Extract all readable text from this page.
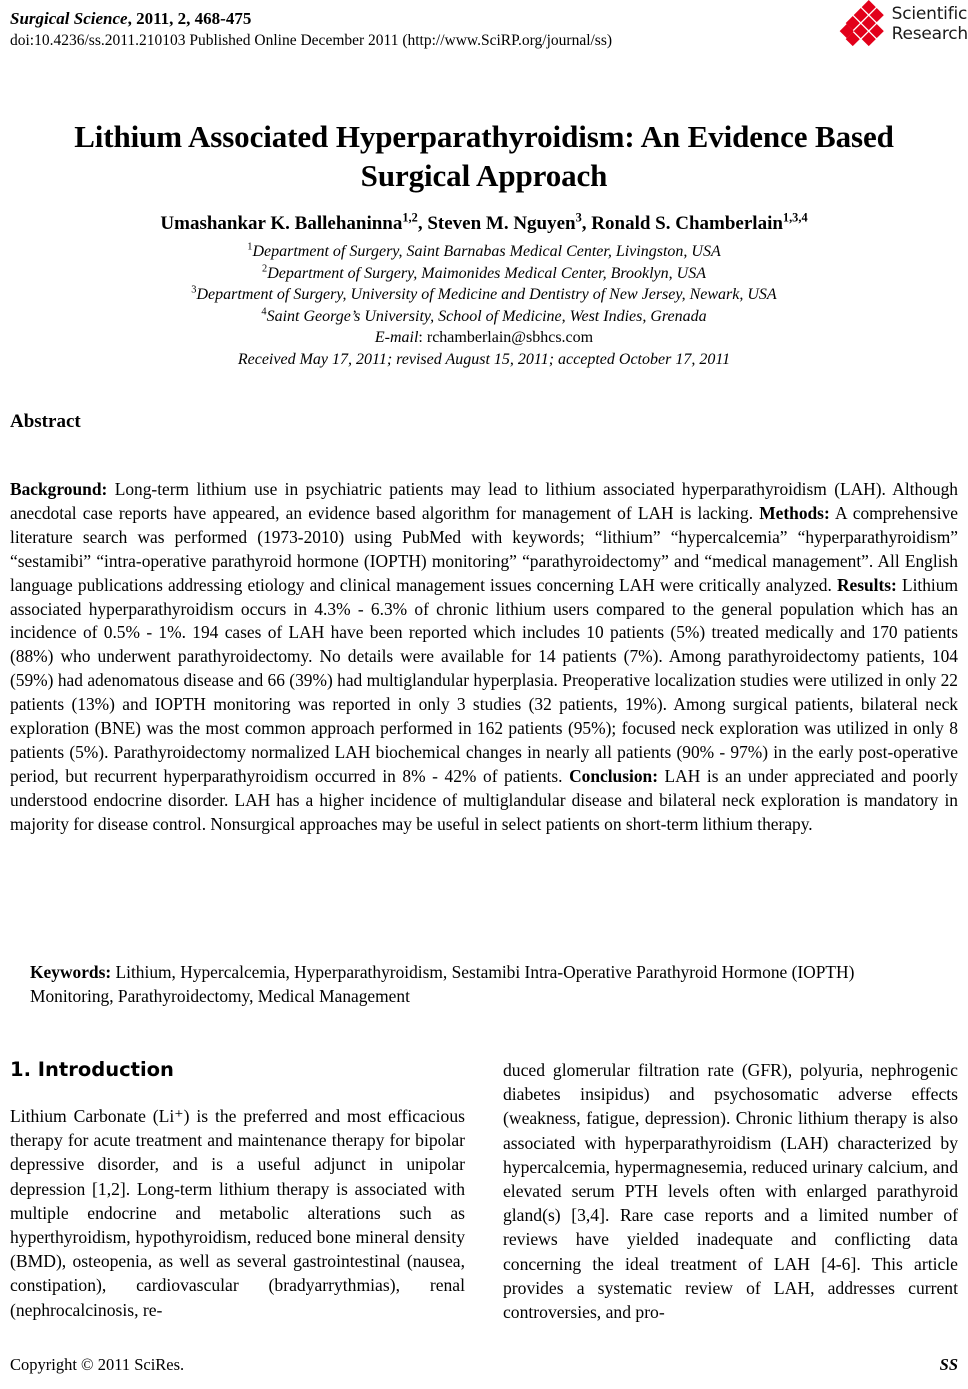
Surgical Science, 2011, 2, 468-475
doi:10.4236/ss.2011.210103 Published Online December 2011 (http://www.SciRP.org/journal/ss)
Scientific
Research
Lithium Associated Hyperparathyroidism: An Evidence Based Surgical Approach
Umashankar K. Ballehaninna$^{1,2}$, Steven M. Nguyen$^3$, Ronald S. Chamberlain$^{1,3,4}$
$^1$Department of Surgery, Saint Barnabas Medical Center, Livingston, USA
$^2$Department of Surgery, Maimonides Medical Center, Brooklyn, USA
$^3$Department of Surgery, University of Medicine and Dentistry of New Jersey, Newark, USA
$^4$Saint George’s University, School of Medicine, West Indies, Grenada
E-mail: rchamberlain@sbhcs.com
Received May 17, 2011; revised August 15, 2011; accepted October 17, 2011
Abstract
Background: Long-term lithium use in psychiatric patients may lead to lithium associated hyperparathyroidism (LAH). Although anecdotal case reports have appeared, an evidence based algorithm for management of LAH is lacking. Methods: A comprehensive literature search was performed (1973-2010) using PubMed with keywords; “lithium” “hypercalcemia” “hyperparathyroidism” “sestamibi” “intra-operative parathyroid hormone (IOPTH) monitoring” “parathyroidectomy” and “medical management”. All English language publications addressing etiology and clinical management issues concerning LAH were critically analyzed. Results: Lithium associated hyperparathyroidism occurs in 4.3% - 6.3% of chronic lithium users compared to the general population which has an incidence of 0.5% - 1%. 194 cases of LAH have been reported which includes 10 patients (5%) treated medically and 170 patients (88%) who underwent parathyroidectomy. No details were available for 14 patients (7%). Among parathyroidectomy patients, 104 (59%) had adenomatous disease and 66 (39%) had multiglandular hyperplasia. Preoperative localization studies were utilized in only 22 patients (13%) and IOPTH monitoring was reported in only 3 studies (32 patients, 19%). Among surgical patients, bilateral neck exploration (BNE) was the most common approach performed in 162 patients (95%); focused neck exploration was utilized in only 8 patients (5%). Parathyroidectomy normalized LAH biochemical changes in nearly all patients (90% - 97%) in the early post-operative period, but recurrent hyperparathyroidism occurred in 8% - 42% of patients. Conclusion: LAH is an under appreciated and poorly understood endocrine disorder. LAH has a higher incidence of multiglandular disease and bilateral neck exploration is mandatory in majority for disease control. Nonsurgical approaches may be useful in select patients on short-term lithium therapy.
Keywords: Lithium, Hypercalcemia, Hyperparathyroidism, Sestamibi Intra-Operative Parathyroid Hormone (IOPTH) Monitoring, Parathyroidectomy, Medical Management
1. Introduction

Lithium Carbonate (Li⁺) is the preferred and most efficacious therapy for acute treatment and maintenance therapy for bipolar depressive disorder, and is a useful adjunct in unipolar depression [1,2]. Long-term lithium therapy is associated with multiple endocrine and metabolic alterations such as hyperthyroidism, hypothyroidism, reduced bone mineral density (BMD), osteopenia, as well as several gastrointestinal (nausea, constipation), cardiovascular (bradyarrythmias), renal (nephrocalcinosis, re-

duced glomerular filtration rate (GFR), polyuria, nephrogenic diabetes insipidus) and psychosomatic adverse effects (weakness, fatigue, depression). Chronic lithium therapy is also associated with hyperparathyroidism (LAH) characterized by hypercalcemia, hypermagnesemia, reduced urinary calcium, and elevated serum PTH levels often with enlarged parathyroid gland(s) [3,4]. Rare case reports and a limited number of reviews have yielded inadequate and conflicting data concerning the ideal treatment of LAH [4-6]. This article provides a systematic review of LAH, addresses current controversies, and pro-

Copyright © 2011 SciRes.	SS
